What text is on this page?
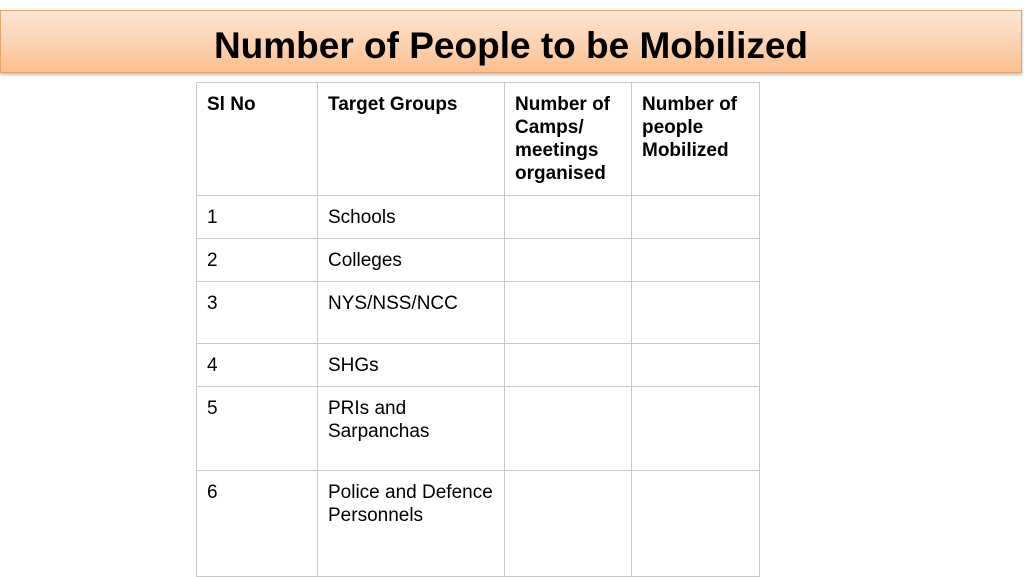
Number of People to be Mobilized
Sl No	Target Groups	Number of Camps/ meetings organised	Number of people Mobilized
1	Schools		
2	Colleges		
3	NYS/NSS/NCC		
4	SHGs		
5	PRIs and Sarpanchas		
6	Police and Defence Personnels		
